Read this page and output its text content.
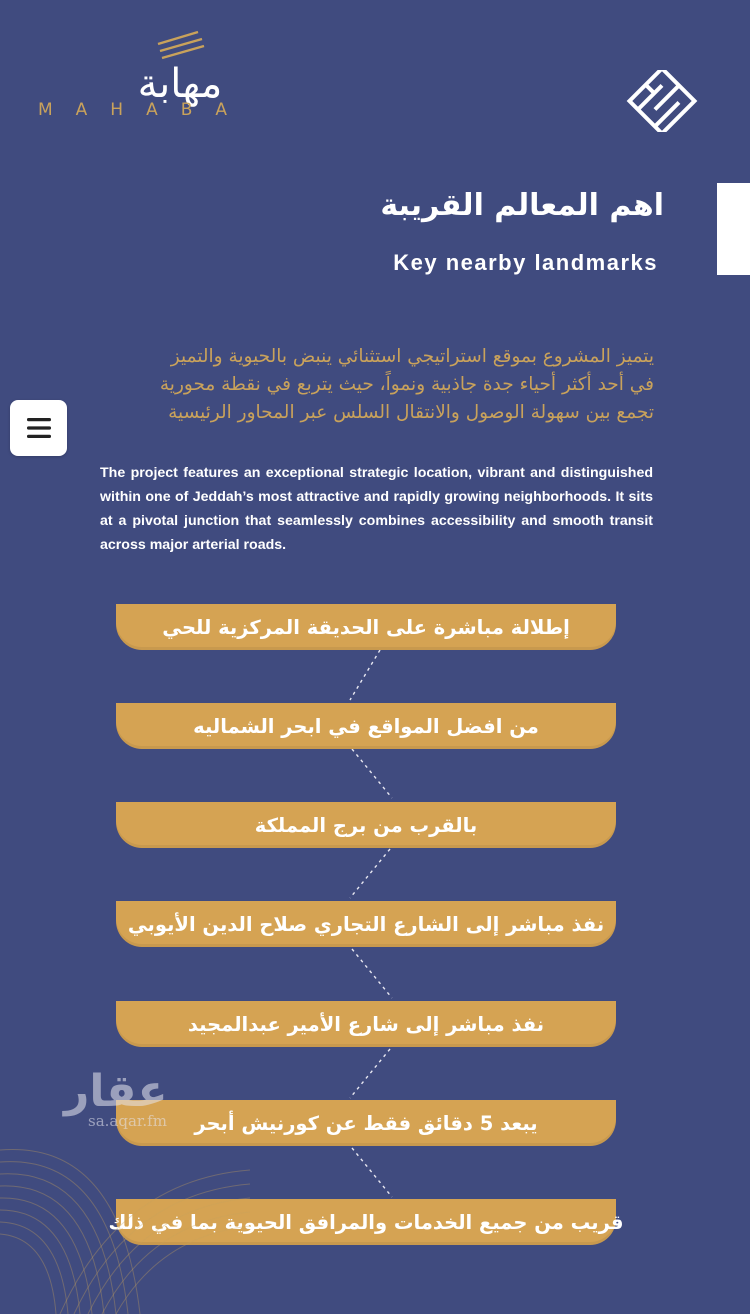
مهابة
MAHABA
اهم المعالم القريبة
Key nearby landmarks
يتميز المشروع بموقع استراتيجي استثنائي ينبض بالحيوية والتميز
في أحد أكثر أحياء جدة جاذبية ونمواً، حيث يتربع في نقطة محورية
تجمع بين سهولة الوصول والانتقال السلس عبر المحاور الرئيسية
The project features an exceptional strategic location, vibrant and distinguished within one of Jeddah’s most attractive and rapidly growing neighborhoods. It sits at a pivotal junction that seamlessly combines accessibility and smooth transit across major arterial roads.
إطلالة مباشرة على الحديقة المركزية للحي
من افضل المواقع في ابحر الشماليه
بالقرب من برج المملكة
نفذ مباشر إلى الشارع التجاري صلاح الدين الأيوبي
نفذ مباشر إلى شارع الأمير عبدالمجيد
يبعد 5 دقائق فقط عن كورنيش أبحر
قريب من جميع الخدمات والمرافق الحيوية بما في ذلك
عقار
sa.aqar.fm
